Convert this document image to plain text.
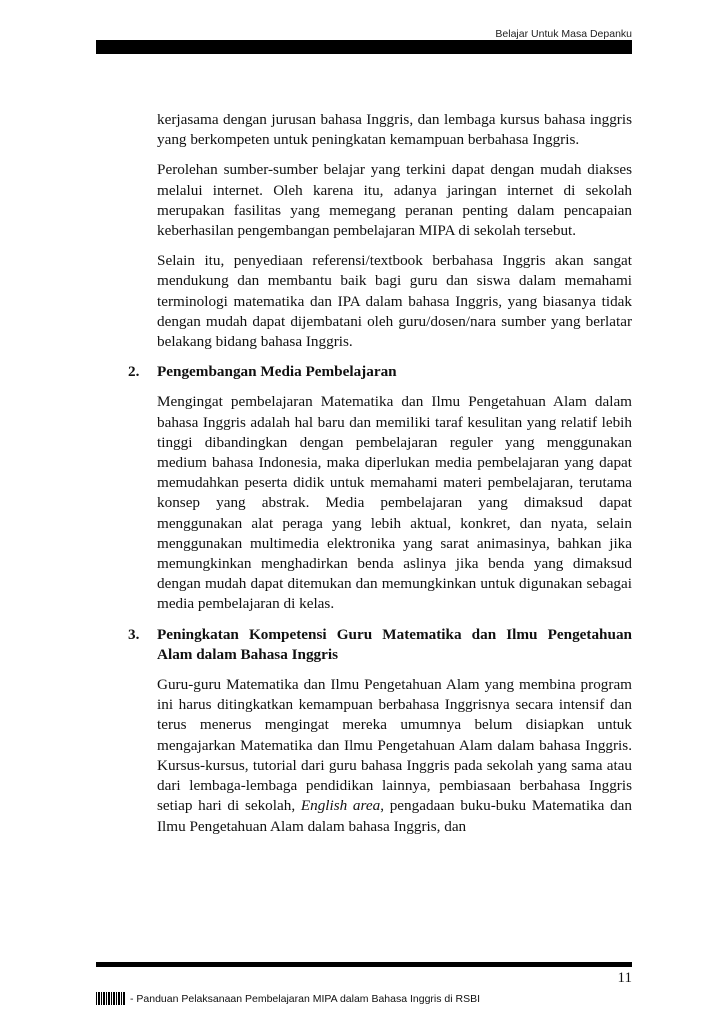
Belajar Untuk Masa Depanku

kerjasama dengan jurusan bahasa Inggris, dan lembaga kursus bahasa inggris yang berkompeten untuk peningkatan kemampuan berbahasa Inggris.

Perolehan sumber-sumber belajar yang terkini dapat dengan mudah diakses melalui internet. Oleh karena itu, adanya jaringan internet di sekolah merupakan fasilitas yang memegang peranan penting dalam pencapaian keberhasilan pengembangan pembelajaran MIPA di sekolah tersebut.

Selain itu, penyediaan referensi/textbook berbahasa Inggris akan sangat mendukung dan membantu baik bagi guru dan siswa dalam memahami terminologi matematika dan IPA dalam bahasa Inggris, yang biasanya tidak dengan mudah dapat dijembatani oleh guru/dosen/nara sumber yang berlatar belakang bidang bahasa Inggris.

2.	Pengembangan Media Pembelajaran

Mengingat pembelajaran Matematika dan Ilmu Pengetahuan Alam dalam bahasa Inggris adalah hal baru dan memiliki taraf kesulitan yang relatif lebih tinggi dibandingkan dengan pembelajaran reguler yang menggunakan medium bahasa Indonesia, maka diperlukan media pembelajaran yang dapat memudahkan peserta didik untuk memahami materi pembelajaran, terutama konsep yang abstrak. Media pembelajaran yang dimaksud dapat menggunakan alat peraga yang lebih aktual, konkret, dan nyata, selain menggunakan multimedia elektronika yang sarat animasinya, bahkan jika memungkinkan menghadirkan benda aslinya jika benda yang dimaksud dengan mudah dapat ditemukan dan memungkinkan untuk digunakan sebagai media pembelajaran di kelas.

3.	Peningkatan Kompetensi Guru Matematika dan Ilmu Pengetahuan Alam dalam Bahasa Inggris

Guru-guru Matematika dan Ilmu Pengetahuan Alam yang membina program ini harus ditingkatkan kemampuan berbahasa Inggrisnya secara intensif dan terus menerus mengingat mereka umumnya belum disiapkan untuk mengajarkan Matematika dan Ilmu Pengetahuan Alam dalam bahasa Inggris. Kursus-kursus, tutorial dari guru bahasa Inggris pada sekolah yang sama atau dari lembaga-lembaga pendidikan lainnya, pembiasaan berbahasa Inggris setiap hari di sekolah, English area, pengadaan buku-buku Matematika dan Ilmu Pengetahuan Alam dalam bahasa Inggris, dan

11
- Panduan Pelaksanaan Pembelajaran MIPA dalam Bahasa Inggris di RSBI
